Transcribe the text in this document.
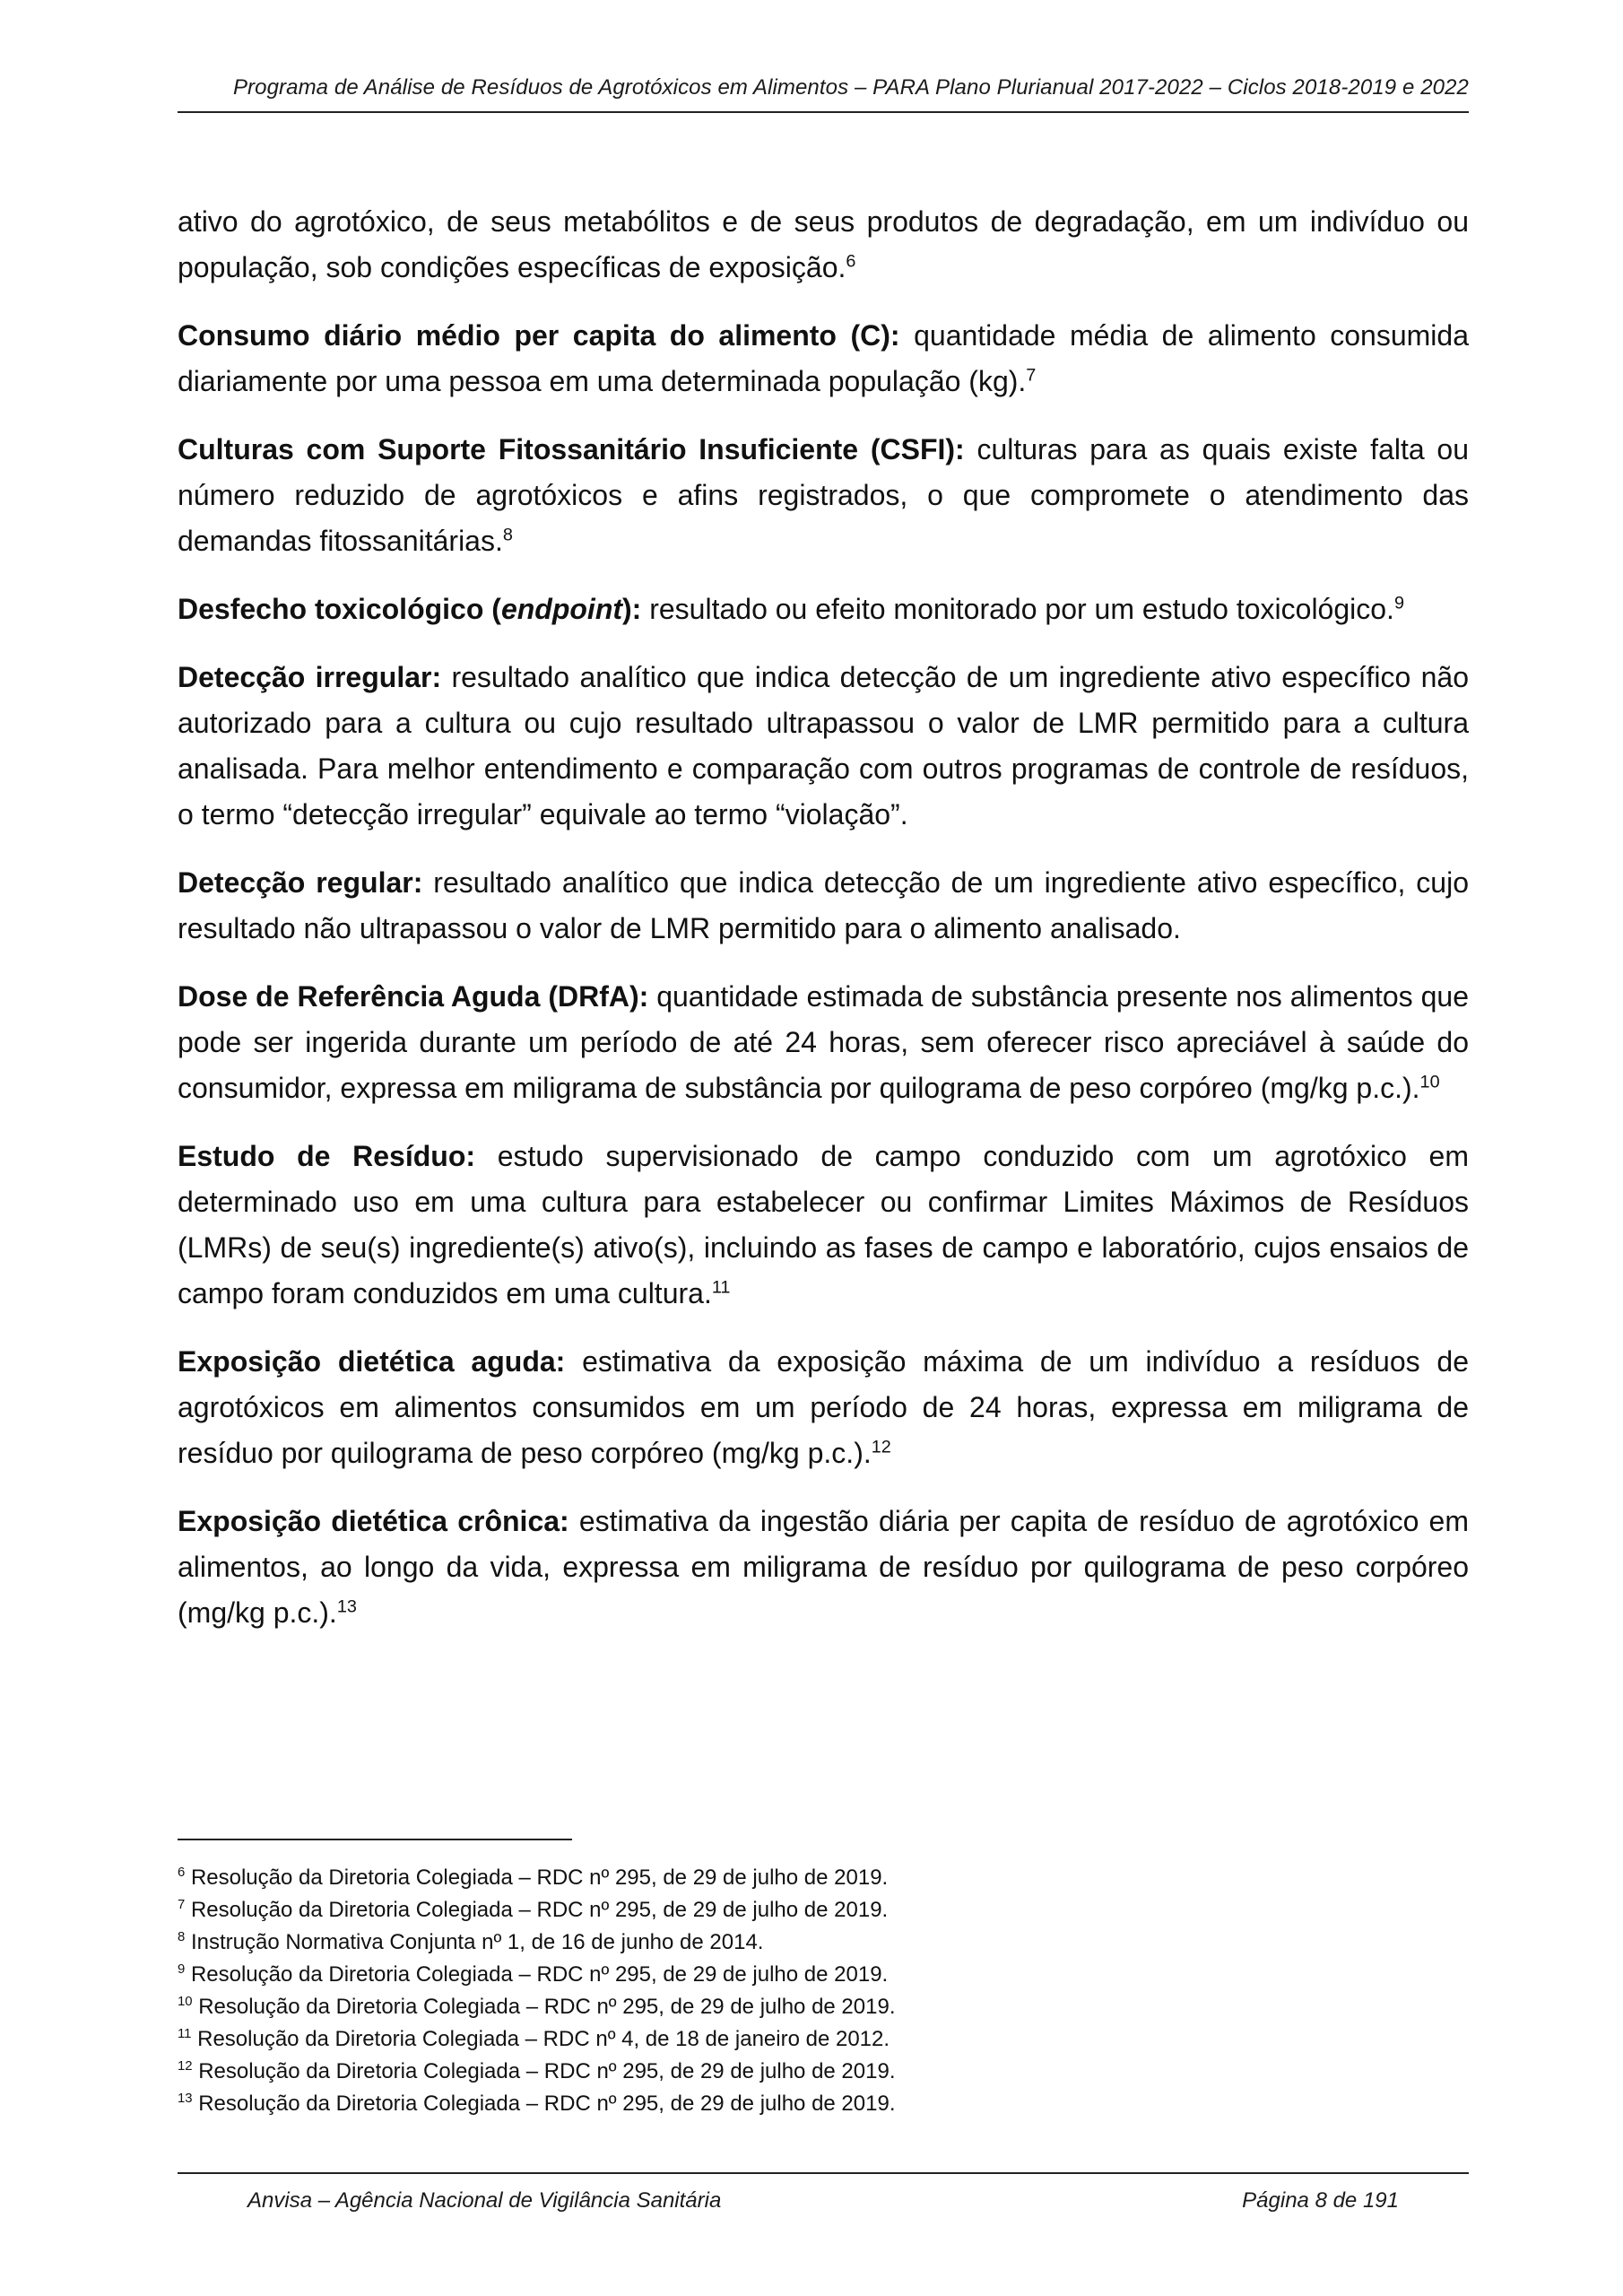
Programa de Análise de Resíduos de Agrotóxicos em Alimentos – PARA Plano Plurianual 2017-2022 – Ciclos 2018-2019 e 2022

ativo do agrotóxico, de seus metabólitos e de seus produtos de degradação, em um indivíduo ou população, sob condições específicas de exposição.$^6$

Consumo diário médio per capita do alimento (C): quantidade média de alimento consumida diariamente por uma pessoa em uma determinada população (kg).$^7$

Culturas com Suporte Fitossanitário Insuficiente (CSFI): culturas para as quais existe falta ou número reduzido de agrotóxicos e afins registrados, o que compromete o atendimento das demandas fitossanitárias.$^8$

Desfecho toxicológico (endpoint): resultado ou efeito monitorado por um estudo toxicológico.$^9$

Detecção irregular: resultado analítico que indica detecção de um ingrediente ativo específico não autorizado para a cultura ou cujo resultado ultrapassou o valor de LMR permitido para a cultura analisada. Para melhor entendimento e comparação com outros programas de controle de resíduos, o termo “detecção irregular” equivale ao termo “violação”.

Detecção regular: resultado analítico que indica detecção de um ingrediente ativo específico, cujo resultado não ultrapassou o valor de LMR permitido para o alimento analisado.

Dose de Referência Aguda (DRfA): quantidade estimada de substância presente nos alimentos que pode ser ingerida durante um período de até 24 horas, sem oferecer risco apreciável à saúde do consumidor, expressa em miligrama de substância por quilograma de peso corpóreo (mg/kg p.c.).$^{10}$

Estudo de Resíduo: estudo supervisionado de campo conduzido com um agrotóxico em determinado uso em uma cultura para estabelecer ou confirmar Limites Máximos de Resíduos (LMRs) de seu(s) ingrediente(s) ativo(s), incluindo as fases de campo e laboratório, cujos ensaios de campo foram conduzidos em uma cultura.$^{11}$

Exposição dietética aguda: estimativa da exposição máxima de um indivíduo a resíduos de agrotóxicos em alimentos consumidos em um período de 24 horas, expressa em miligrama de resíduo por quilograma de peso corpóreo (mg/kg p.c.).$^{12}$

Exposição dietética crônica: estimativa da ingestão diária per capita de resíduo de agrotóxico em alimentos, ao longo da vida, expressa em miligrama de resíduo por quilograma de peso corpóreo (mg/kg p.c.).$^{13}$

$^6$ Resolução da Diretoria Colegiada – RDC nº 295, de 29 de julho de 2019.
$^7$ Resolução da Diretoria Colegiada – RDC nº 295, de 29 de julho de 2019.
$^8$ Instrução Normativa Conjunta nº 1, de 16 de junho de 2014.
$^9$ Resolução da Diretoria Colegiada – RDC nº 295, de 29 de julho de 2019.
$^{10}$ Resolução da Diretoria Colegiada – RDC nº 295, de 29 de julho de 2019.
$^{11}$ Resolução da Diretoria Colegiada – RDC nº 4, de 18 de janeiro de 2012.
$^{12}$ Resolução da Diretoria Colegiada – RDC nº 295, de 29 de julho de 2019.
$^{13}$ Resolução da Diretoria Colegiada – RDC nº 295, de 29 de julho de 2019.
Anvisa – Agência Nacional de Vigilância Sanitária	Página 8 de 191
